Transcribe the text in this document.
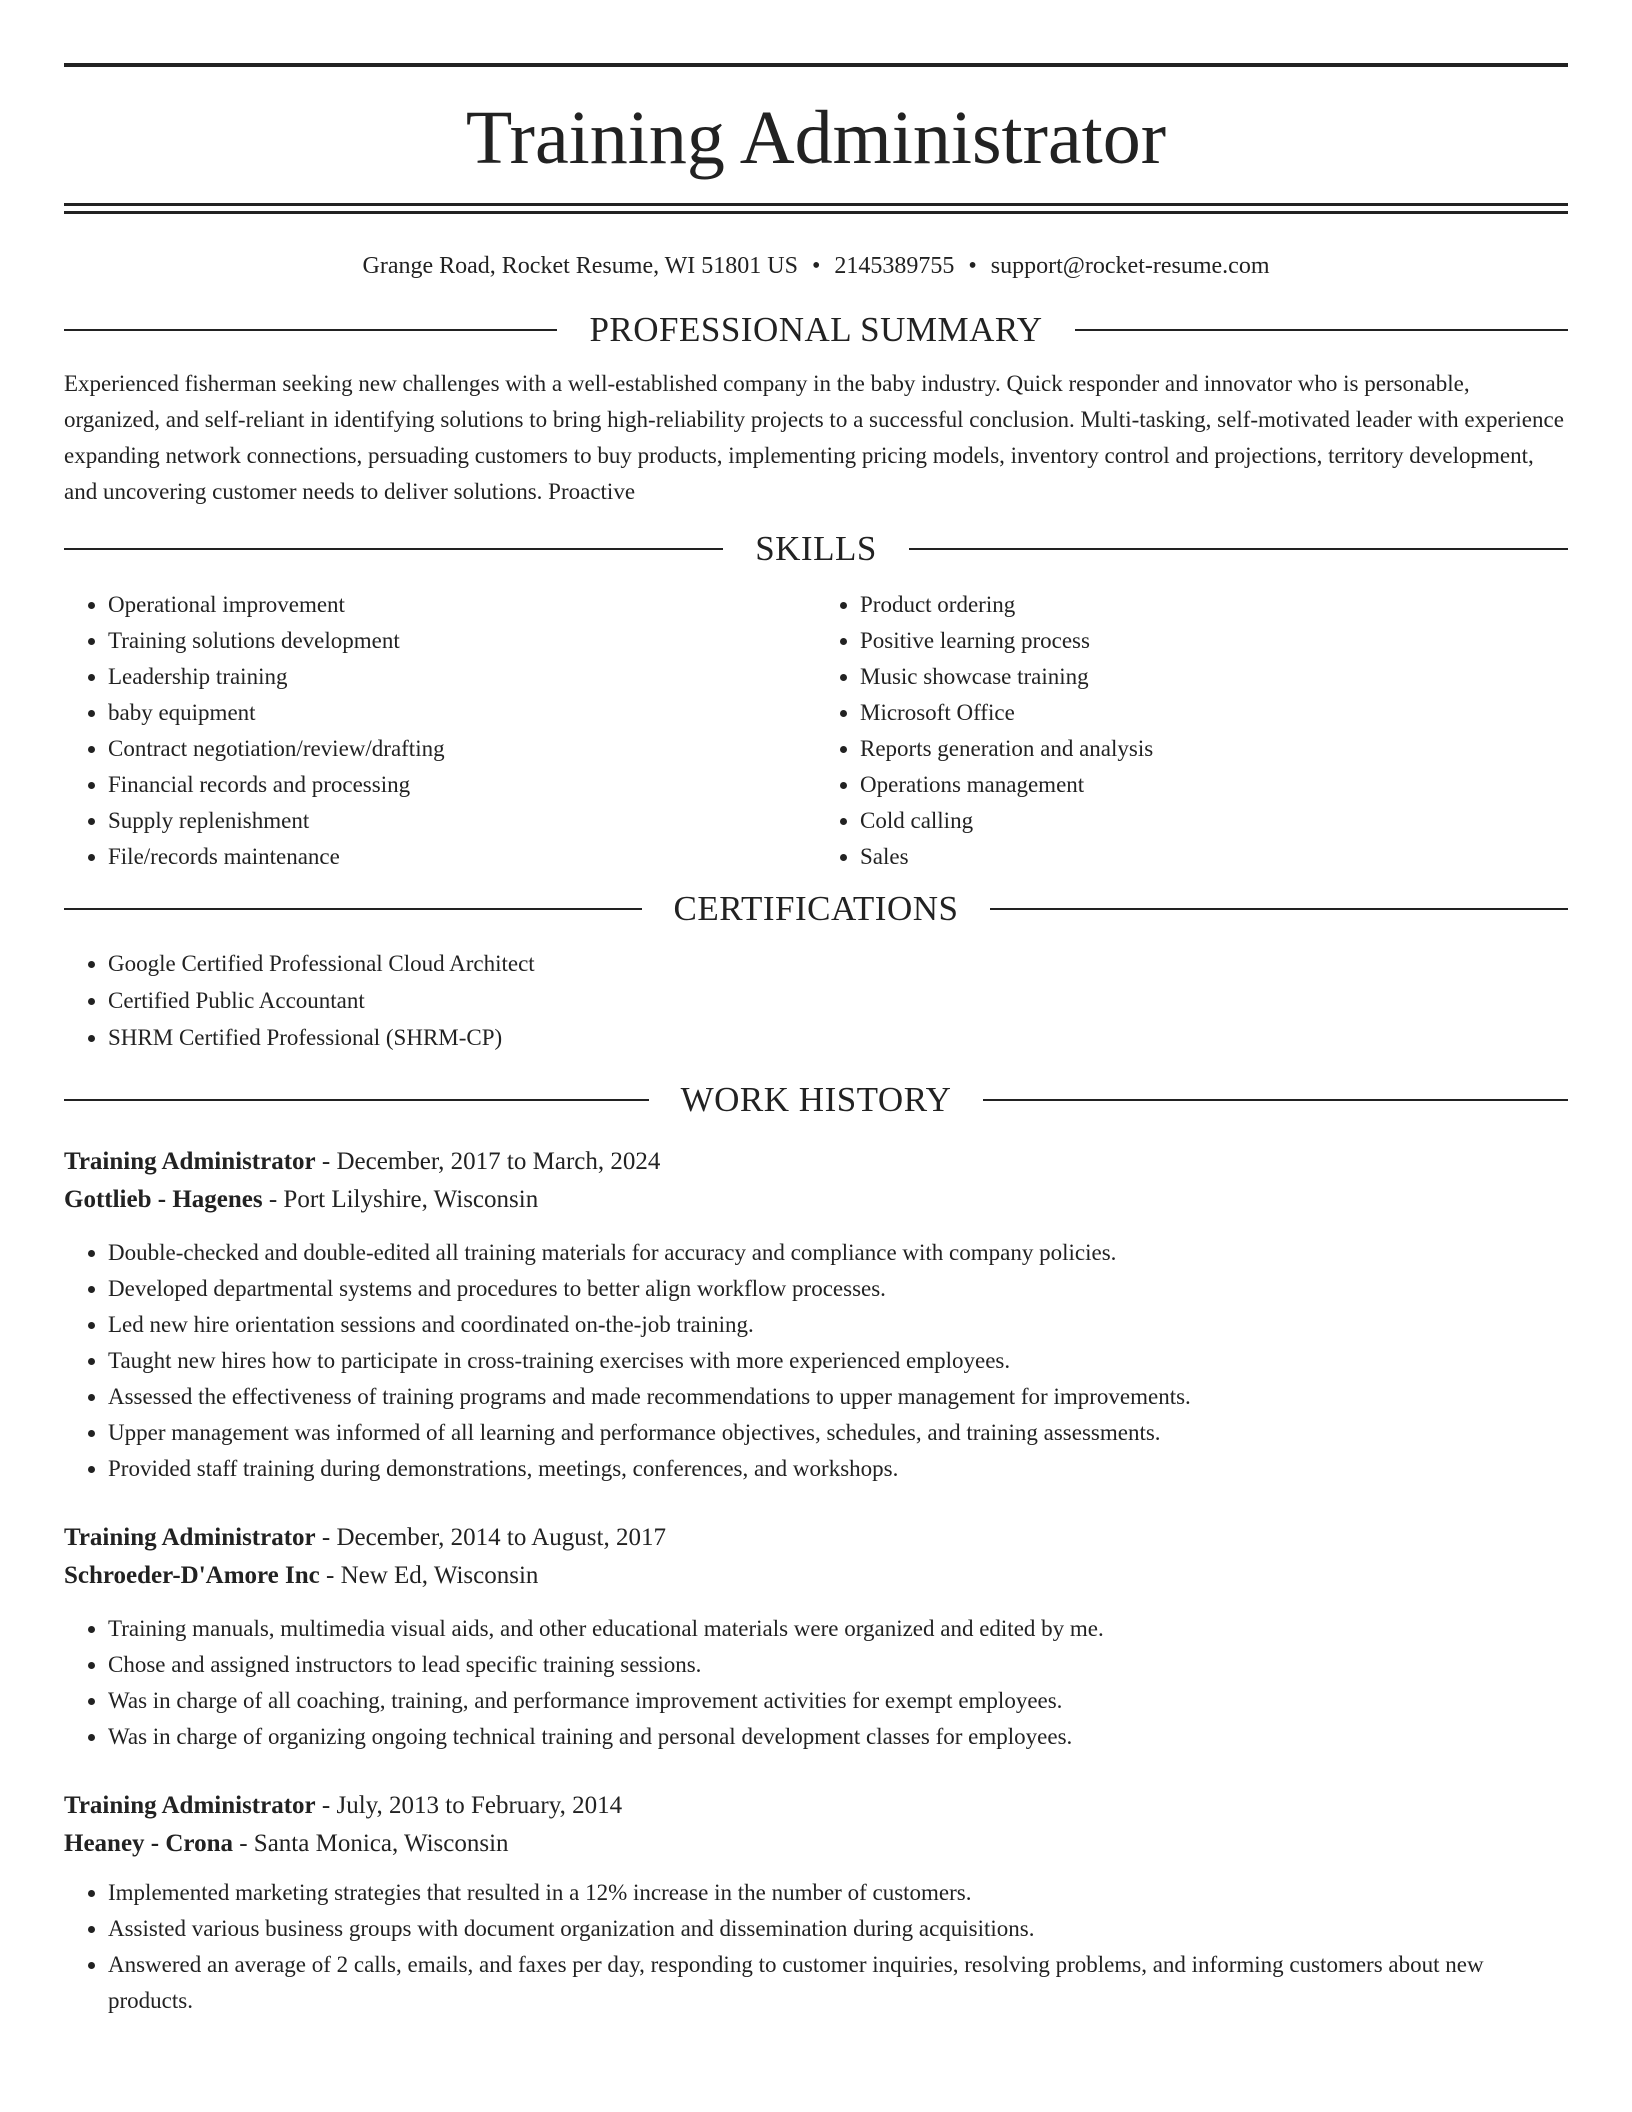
Training Administrator
Grange Road, Rocket Resume, WI 51801 US • 2145389755 • support@rocket-resume.com
PROFESSIONAL SUMMARY

Experienced fisherman seeking new challenges with a well-established company in the baby industry. Quick responder and innovator who is personable, organized, and self-reliant in identifying solutions to bring high-reliability projects to a successful conclusion. Multi-tasking, self-motivated leader with experience expanding network connections, persuading customers to buy products, implementing pricing models, inventory control and projections, territory development, and uncovering customer needs to deliver solutions. Proactive

SKILLS
• Operational improvement
• Training solutions development
• Leadership training
• baby equipment
• Contract negotiation/review/drafting
• Financial records and processing
• Supply replenishment
• File/records maintenance
• Product ordering
• Positive learning process
• Music showcase training
• Microsoft Office
• Reports generation and analysis
• Operations management
• Cold calling
• Sales
CERTIFICATIONS
• Google Certified Professional Cloud Architect
• Certified Public Accountant
• SHRM Certified Professional (SHRM-CP)
WORK HISTORY
Training Administrator - December, 2017 to March, 2024
Gottlieb - Hagenes - Port Lilyshire, Wisconsin
• Double-checked and double-edited all training materials for accuracy and compliance with company policies.
• Developed departmental systems and procedures to better align workflow processes.
• Led new hire orientation sessions and coordinated on-the-job training.
• Taught new hires how to participate in cross-training exercises with more experienced employees.
• Assessed the effectiveness of training programs and made recommendations to upper management for improvements.
• Upper management was informed of all learning and performance objectives, schedules, and training assessments.
• Provided staff training during demonstrations, meetings, conferences, and workshops.
Training Administrator - December, 2014 to August, 2017
Schroeder-D'Amore Inc - New Ed, Wisconsin
• Training manuals, multimedia visual aids, and other educational materials were organized and edited by me.
• Chose and assigned instructors to lead specific training sessions.
• Was in charge of all coaching, training, and performance improvement activities for exempt employees.
• Was in charge of organizing ongoing technical training and personal development classes for employees.
Training Administrator - July, 2013 to February, 2014
Heaney - Crona - Santa Monica, Wisconsin
• Implemented marketing strategies that resulted in a 12% increase in the number of customers.
• Assisted various business groups with document organization and dissemination during acquisitions.
• Answered an average of 2 calls, emails, and faxes per day, responding to customer inquiries, resolving problems, and informing customers about new products.
